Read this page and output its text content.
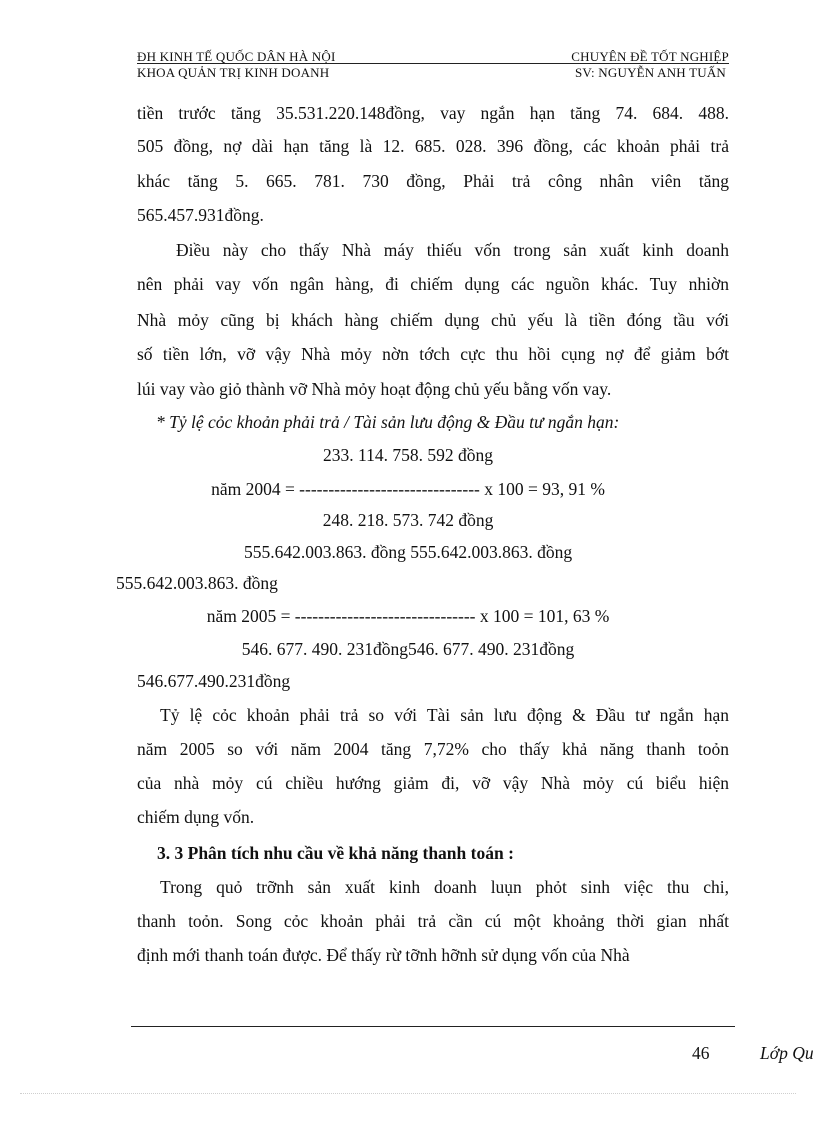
ĐH KINH TẾ QUỐC DÂN HÀ NỘI	CHUYÊN ĐỀ TỐT NGHIỆP
KHOA QUẢN TRỊ KINH DOANH	SV: NGUYỄN ANH TUẤN
tiền trước tăng 35.531.220.148đồng, vay ngắn hạn tăng 74. 684. 488.
505 đồng, nợ dài hạn tăng là 12. 685. 028. 396 đồng, các khoản phải trả
khác tăng 5. 665. 781. 730 đồng, Phải trả công nhân viên tăng
565.457.931đồng.
Điều này cho thấy Nhà máy thiếu vốn trong sản xuất kinh doanh
nên phải vay vốn ngân hàng, đi chiếm dụng các nguồn khác. Tuy nhiờn
Nhà mỏy cũng bị khách hàng chiếm dụng chủ yếu là tiền đóng tầu với
số tiền lớn, vỡ vậy Nhà mỏy nờn tớch cực thu hồi cụng nợ để giảm bớt
lúi vay vào giỏ thành vỡ Nhà mỏy hoạt động chủ yếu bằng vốn vay.
* Tỷ lệ cỏc khoản phải trả / Tài sản lưu động & Đầu tư ngắn hạn:
233. 114. 758. 592 đồng
năm 2004 = ------------------------------- x 100 = 93, 91 %
248. 218. 573. 742 đồng
555.642.003.863. đồng 555.642.003.863. đồng
555.642.003.863. đồng
năm 2005 = ------------------------------- x 100 = 101, 63 %
546. 677. 490. 231đồng546. 677. 490. 231đồng
546.677.490.231đồng
Tỷ lệ cỏc khoản phải trả so với Tài sản lưu động & Đầu tư ngắn hạn
năm 2005 so với năm 2004 tăng 7,72% cho thấy khả năng thanh toỏn
của nhà mỏy cú chiều hướng giảm đi, vỡ vậy Nhà mỏy cú biểu hiện
chiếm dụng vốn.
3. 3 Phân tích nhu cầu về khả năng thanh toán :
Trong quỏ trỡnh sản xuất kinh doanh luụn phỏt sinh việc thu chi,
thanh toỏn. Song cỏc khoản phải trả cần cú một khoảng thời gian nhất
định mới thanh toán được. Để thấy rừ tỡnh hỡnh sử dụng vốn của Nhà
46	Lớp Qu
